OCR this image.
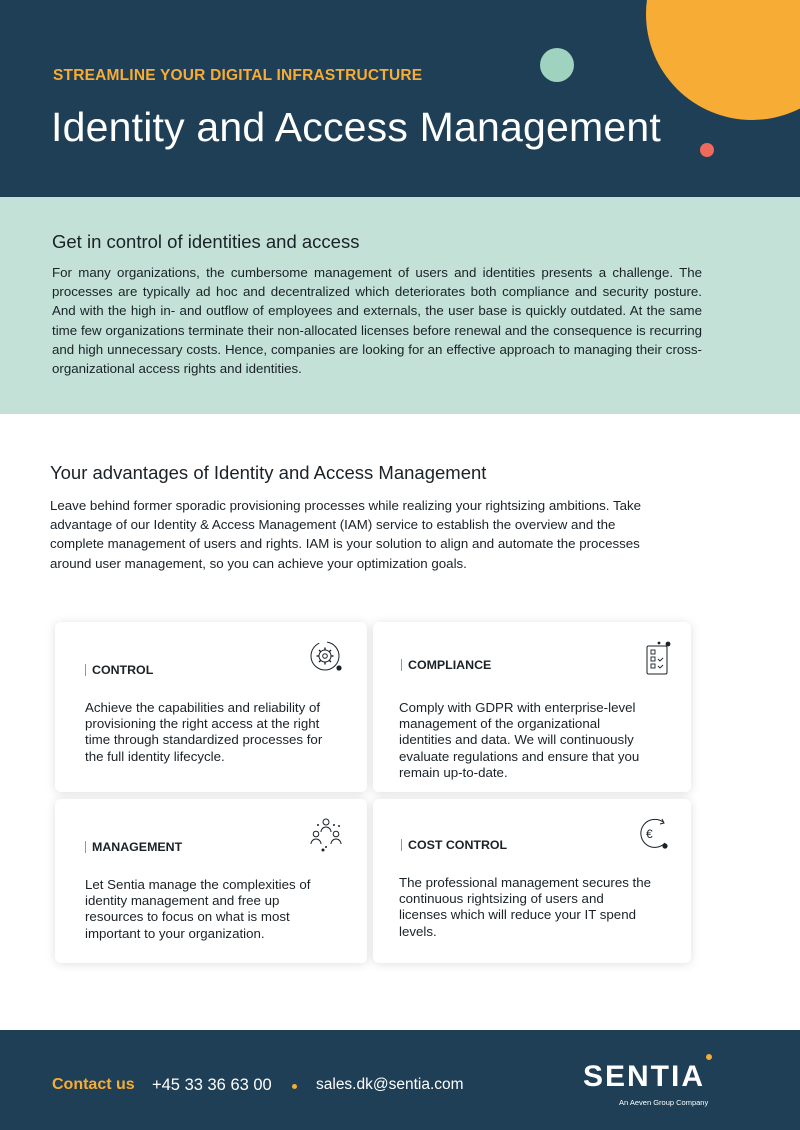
STREAMLINE YOUR DIGITAL INFRASTRUCTURE
Identity and Access Management
Get in control of identities and access

For many organizations, the cumbersome management of users and identities presents a challenge. The processes are typically ad hoc and decentralized which deteriorates both compliance and security posture. And with the high in- and outflow of employees and externals, the user base is quickly outdated. At the same time few organizations terminate their non-allocated licenses before renewal and the consequence is recurring and high unnecessary costs. Hence, companies are looking for an effective approach to managing their cross-organizational access rights and identities.

Your advantages of Identity and Access Management

Leave behind former sporadic provisioning processes while realizing your rightsizing ambitions. Take advantage of our Identity & Access Management (IAM) service to establish the overview and the complete management of users and rights. IAM is your solution to align and automate the processes around user management, so you can achieve your optimization goals.

CONTROL

Achieve the capabilities and reliability of provisioning the right access at the right time through standardized processes for the full identity lifecycle.

COMPLIANCE

Comply with GDPR with enterprise-level management of the organizational identities and data. We will continuously evaluate regulations and ensure that you remain up-to-date.

MANAGEMENT

Let Sentia manage the complexities of identity management and free up resources to focus on what is most important to your organization.

COST CONTROL
€

The professional management secures the continuous rightsizing of users and licenses which will reduce your IT spend levels.

Contact us +45 33 36 63 00	sales.dk@sentia.com	SENTIA
An Aeven Group Company
